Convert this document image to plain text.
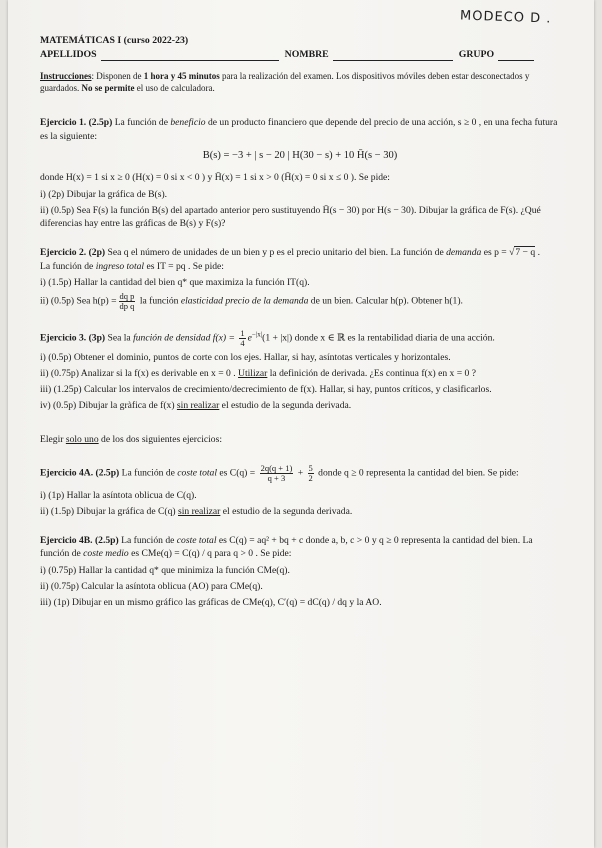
MODECO D .
MATEMÁTICAS I (curso 2022-23)
APELLIDOS	NOMBRE	GRUPO

Instrucciones: Disponen de 1 hora y 45 minutos para la realización del examen. Los dispositivos móviles deben estar desconectados y guardados. No se permite el uso de calculadora.

Ejercicio 1. (2.5p) La función de beneficio de un producto financiero que depende del precio de una acción, s ≥ 0 , en una fecha futura es la siguiente:

B(s) = −3 + | s − 20 | H(30 − s) + 10 H̄(s − 30)

donde H(x) = 1 si x ≥ 0 (H(x) = 0 si x < 0 ) y H̄(x) = 1 si x > 0 (H̄(x) = 0 si x ≤ 0 ). Se pide:

i) (2p) Dibujar la gráfica de B(s).

ii) (0.5p) Sea F(s) la función B(s) del apartado anterior pero sustituyendo H̄(s − 30) por H(s − 30). Dibujar la gráfica de F(s). ¿Qué diferencias hay entre las gráficas de B(s) y F(s)?

Ejercicio 2. (2p) Sea q el número de unidades de un bien y p es el precio unitario del bien. La función de demanda es p = √7 − q .
La función de ingreso total es IT = pq . Se pide:

i) (1.5p) Hallar la cantidad del bien q* que maximiza la función IT(q).

ii) (0.5p) Sea $h(p) = \frac{\text{dq p}}{\text{dp q}}$ la función elasticidad precio de la demanda de un bien. Calcular h(p). Obtener h(1).

Ejercicio 3. (3p) Sea la función de densidad $f(x) = \frac{1}{4} e^{-|x|}(1 + |x|)$ donde x ∈ ℝ es la rentabilidad diaria de una acción.

i) (0.5p) Obtener el dominio, puntos de corte con los ejes. Hallar, si hay, asíntotas verticales y horizontales.

ii) (0.75p) Analizar si la f(x) es derivable en x = 0 . Utilizar la definición de derivada. ¿Es continua f(x) en x = 0 ?

iii) (1.25p) Calcular los intervalos de crecimiento/decrecimiento de f(x). Hallar, si hay, puntos críticos, y clasificarlos.

iv) (0.5p) Dibujar la gràfica de f(x) sin realizar el estudio de la segunda derivada.

Elegir solo uno de los dos siguientes ejercicios:

Ejercicio 4A. (2.5p) La función de coste total es $C(q) = \frac{2q(q + 1)}{q + 3} + \frac{5}{2}$ donde q ≥ 0 representa la cantidad del bien. Se pide:

i) (1p) Hallar la asíntota oblicua de C(q).

ii) (1.5p) Dibujar la gráfica de C(q) sin realizar el estudio de la segunda derivada.

Ejercicio 4B. (2.5p) La función de coste total es C(q) = aq² + bq + c donde a, b, c > 0 y q ≥ 0 representa la cantidad del bien. La función de coste medio es CMe(q) = C(q) / q para q > 0 . Se pide:

i) (0.75p) Hallar la cantidad q* que minimiza la función CMe(q).

ii) (0.75p) Calcular la asíntota oblicua (AO) para CMe(q).

iii) (1p) Dibujar en un mismo gráfico las gráficas de CMe(q), C′(q) = dC(q) / dq y la AO.
